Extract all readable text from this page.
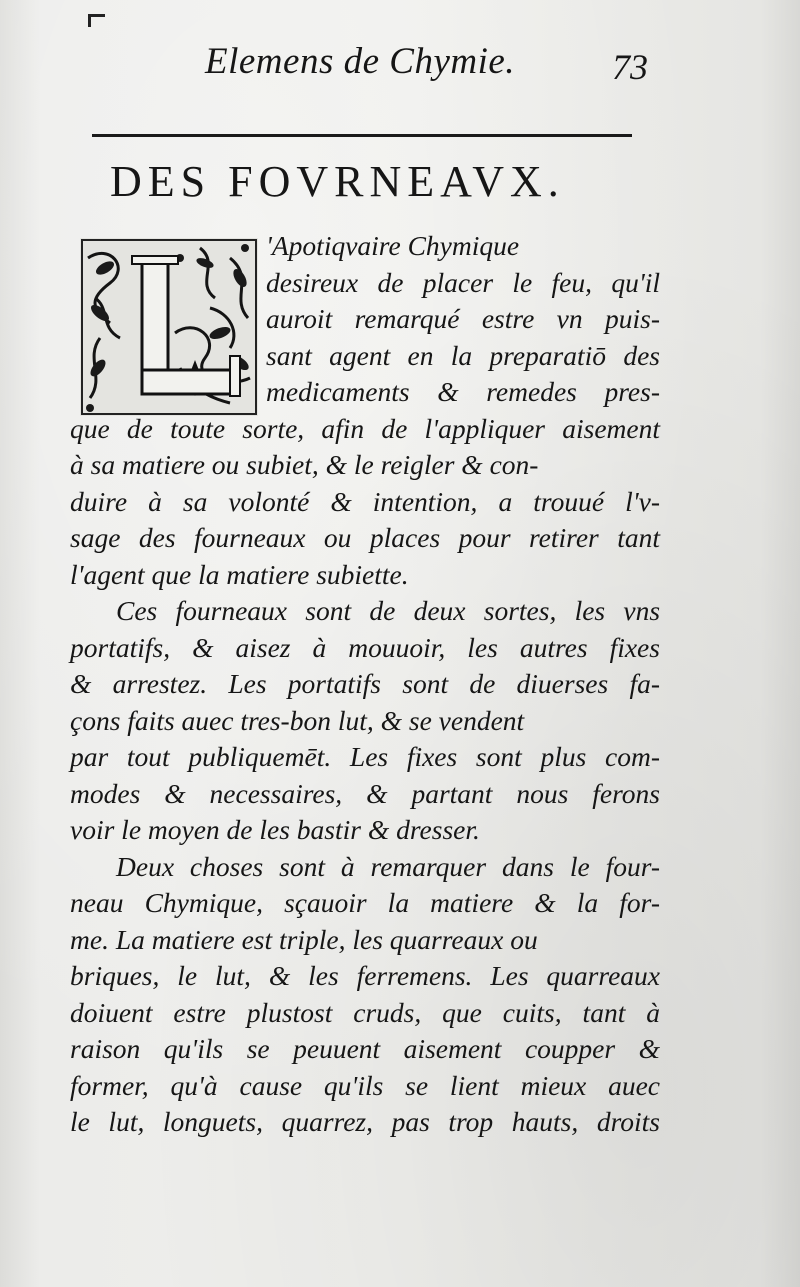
Elemens de Chymie.	73
DES FOVRNEAVX.
'Apotiqvaire Chymique
desireux de placer le feu, qu'il
auroit remarqué estre vn puis-
sant agent en la preparatiō des
medicaments & remedes pres-
que de toute sorte, afin de l'appliquer aisement
à sa matiere ou subiet, & le reigler & con-
duire à sa volonté & intention, a trouué l'v-
sage des fourneaux ou places pour retirer tant
l'agent que la matiere subiette.
Ces fourneaux sont de deux sortes, les vns
portatifs, & aisez à mouuoir, les autres fixes
& arrestez. Les portatifs sont de diuerses fa-
çons faits auec tres-bon lut, & se vendent
par tout publiquemēt. Les fixes sont plus com-
modes & necessaires, & partant nous ferons
voir le moyen de les bastir & dresser.
Deux choses sont à remarquer dans le four-
neau Chymique, sçauoir la matiere & la for-
me. La matiere est triple, les quarreaux ou
briques, le lut, & les ferremens. Les quarreaux
doiuent estre plustost cruds, que cuits, tant à
raison qu'ils se peuuent aisement coupper &
former, qu'à cause qu'ils se lient mieux auec
le lut, longuets, quarrez, pas trop hauts, droits
